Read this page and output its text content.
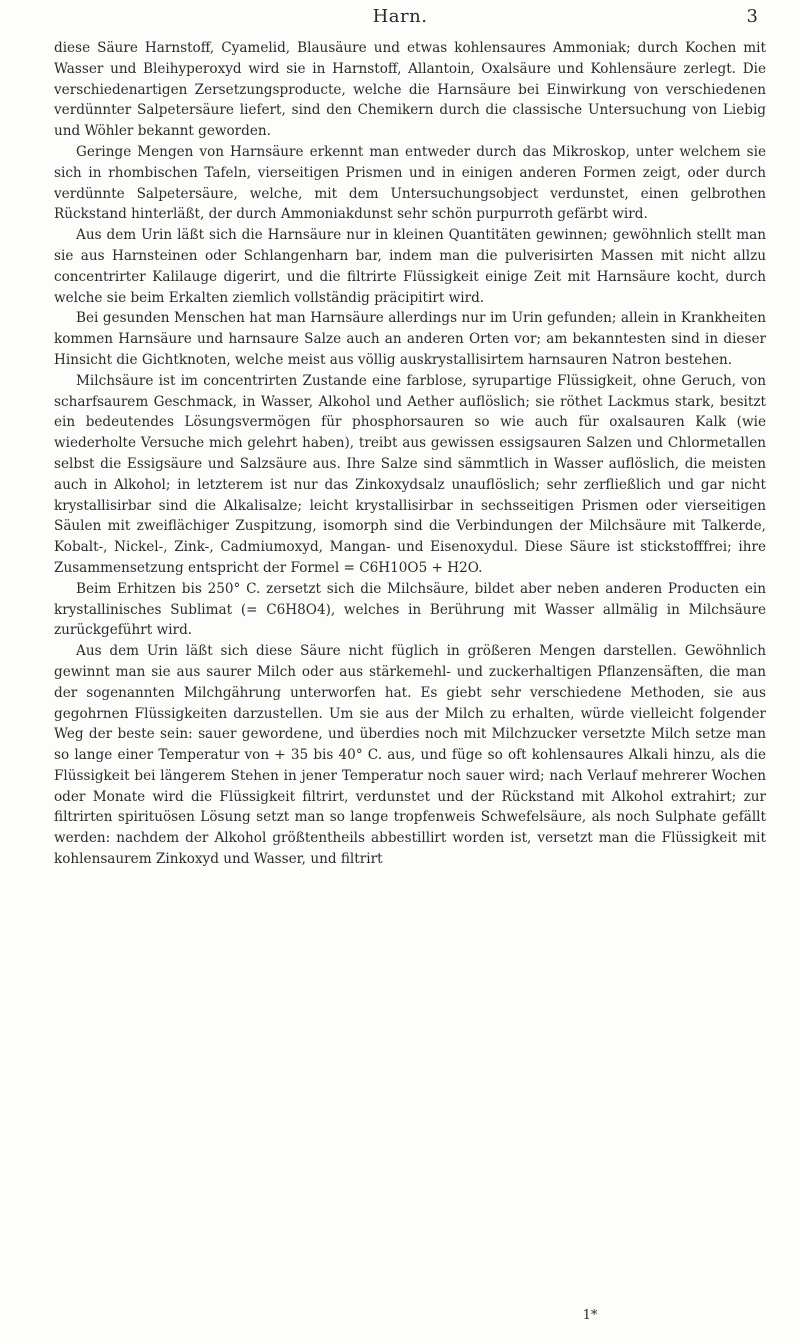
Harn.	3

diese Säure Harnstoff, Cyamelid, Blausäure und etwas kohlensaures Ammoniak; durch Kochen mit Wasser und Bleihyperoxyd wird sie in Harnstoff, Allantoin, Oxalsäure und Kohlensäure zerlegt. Die verschiedenartigen Zersetzungsproducte, welche die Harnsäure bei Einwirkung von verschiedenen verdünnter Salpetersäure liefert, sind den Chemikern durch die classische Untersuchung von Liebig und Wöhler bekannt geworden.

Geringe Mengen von Harnsäure erkennt man entweder durch das Mikroskop, unter welchem sie sich in rhombischen Tafeln, vierseitigen Prismen und in einigen anderen Formen zeigt, oder durch verdünnte Salpetersäure, welche, mit dem Untersuchungsobject verdunstet, einen gelbrothen Rückstand hinterläßt, der durch Ammoniakdunst sehr schön purpurroth gefärbt wird.

Aus dem Urin läßt sich die Harnsäure nur in kleinen Quantitäten gewinnen; gewöhnlich stellt man sie aus Harnsteinen oder Schlangenharn bar, indem man die pulverisirten Massen mit nicht allzu concentrirter Kalilauge digerirt, und die filtrirte Flüssigkeit einige Zeit mit Harnsäure kocht, durch welche sie beim Erkalten ziemlich vollständig präcipitirt wird.

Bei gesunden Menschen hat man Harnsäure allerdings nur im Urin gefunden; allein in Krankheiten kommen Harnsäure und harnsaure Salze auch an anderen Orten vor; am bekanntesten sind in dieser Hinsicht die Gichtknoten, welche meist aus völlig auskrystallisirtem harnsauren Natron bestehen.

Milchsäure ist im concentrirten Zustande eine farblose, syrupartige Flüssigkeit, ohne Geruch, von scharfsaurem Geschmack, in Wasser, Alkohol und Aether auflöslich; sie röthet Lackmus stark, besitzt ein bedeutendes Lösungsvermögen für phosphorsauren so wie auch für oxalsauren Kalk (wie wiederholte Versuche mich gelehrt haben), treibt aus gewissen essigsauren Salzen und Chlormetallen selbst die Essigsäure und Salzsäure aus. Ihre Salze sind sämmtlich in Wasser auflöslich, die meisten auch in Alkohol; in letzterem ist nur das Zinkoxydsalz unauflöslich; sehr zerfließlich und gar nicht krystallisirbar sind die Alkalisalze; leicht krystallisirbar in sechsseitigen Prismen oder vierseitigen Säulen mit zweiflächiger Zuspitzung, isomorph sind die Verbindungen der Milchsäure mit Talkerde, Kobalt-, Nickel-, Zink-, Cadmiumoxyd, Mangan- und Eisenoxydul. Diese Säure ist stickstofffrei; ihre Zusammensetzung entspricht der Formel = C6H10O5 + H2O.

Beim Erhitzen bis 250° C. zersetzt sich die Milchsäure, bildet aber neben anderen Producten ein krystallinisches Sublimat (= C6H8O4), welches in Berührung mit Wasser allmälig in Milchsäure zurückgeführt wird.

Aus dem Urin läßt sich diese Säure nicht füglich in größeren Mengen darstellen. Gewöhnlich gewinnt man sie aus saurer Milch oder aus stärkemehl- und zuckerhaltigen Pflanzensäften, die man der sogenannten Milchgährung unterworfen hat. Es giebt sehr verschiedene Methoden, sie aus gegohrnen Flüssigkeiten darzustellen. Um sie aus der Milch zu erhalten, würde vielleicht folgender Weg der beste sein: sauer gewordene, und überdies noch mit Milchzucker versetzte Milch setze man so lange einer Temperatur von + 35 bis 40° C. aus, und füge so oft kohlensaures Alkali hinzu, als die Flüssigkeit bei längerem Stehen in jener Temperatur noch sauer wird; nach Verlauf mehrerer Wochen oder Monate wird die Flüssigkeit filtrirt, verdunstet und der Rückstand mit Alkohol extrahirt; zur filtrirten spirituösen Lösung setzt man so lange tropfenweis Schwefelsäure, als noch Sulphate gefällt werden: nachdem der Alkohol größtentheils abbestillirt worden ist, versetzt man die Flüssigkeit mit kohlensaurem Zinkoxyd und Wasser, und filtrirt

1*
